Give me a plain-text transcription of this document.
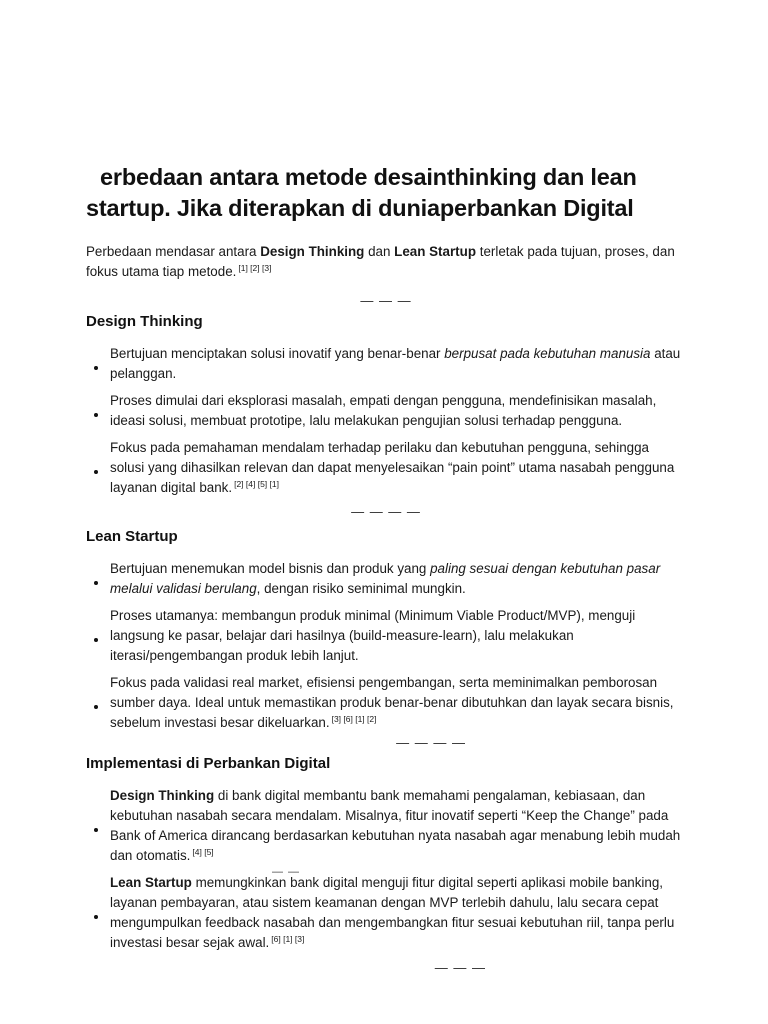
erbedaan antara metode desainthinking dan lean startup. Jika diterapkan di duniaperbankan Digital

Perbedaan mendasar antara Design Thinking dan Lean Startup terletak pada tujuan, proses, dan fokus utama tiap metode. [1] [2] [3]

— — —
Design Thinking
Bertujuan menciptakan solusi inovatif yang benar-benar berpusat pada kebutuhan manusia atau pelanggan.
Proses dimulai dari eksplorasi masalah, empati dengan pengguna, mendefinisikan masalah, ideasi solusi, membuat prototipe, lalu melakukan pengujian solusi terhadap pengguna.
Fokus pada pemahaman mendalam terhadap perilaku dan kebutuhan pengguna, sehingga solusi yang dihasilkan relevan dan dapat menyelesaikan “pain point” utama nasabah pengguna layanan digital bank. [2] [4] [5] [1]
— — — —
Lean Startup
Bertujuan menemukan model bisnis dan produk yang paling sesuai dengan kebutuhan pasar melalui validasi berulang, dengan risiko seminimal mungkin.
Proses utamanya: membangun produk minimal (Minimum Viable Product/MVP), menguji langsung ke pasar, belajar dari hasilnya (build-measure-learn), lalu melakukan iterasi/pengembangan produk lebih lanjut.
Fokus pada validasi real market, efisiensi pengembangan, serta meminimalkan pemborosan sumber daya. Ideal untuk memastikan produk benar-benar dibutuhkan dan layak secara bisnis, sebelum investasi besar dikeluarkan. [3] [6] [1] [2]
— — — —
Implementasi di Perbankan Digital
Design Thinking di bank digital membantu bank memahami pengalaman, kebiasaan, dan kebutuhan nasabah secara mendalam. Misalnya, fitur inovatif seperti “Keep the Change” pada Bank of America dirancang berdasarkan kebutuhan nyata nasabah agar menabung lebih mudah dan otomatis. [4] [5]
Lean Startup memungkinkan bank digital menguji fitur digital seperti aplikasi mobile banking, layanan pembayaran, atau sistem keamanan dengan MVP terlebih dahulu, lalu secara cepat mengumpulkan feedback nasabah dan mengembangkan fitur sesuai kebutuhan riil, tanpa perlu investasi besar sejak awal. [6] [1] [3]
— — —
— —
